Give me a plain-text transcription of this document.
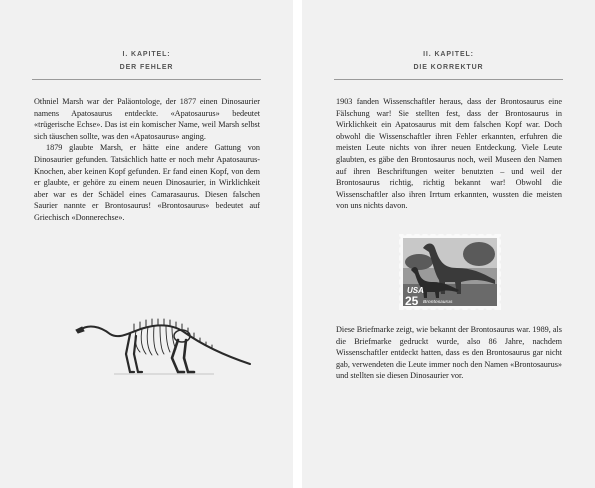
I. KAPITEL:
DER FEHLER

Othniel Marsh war der Paläontologe, der 1877 einen Dinosaurier namens Apatosaurus entdeckte. «Apatosaurus» bedeutet «trügerische Echse». Das ist ein komischer Name, weil Marsh selbst sich täuschen sollte, was den «Apatosaurus» anging.

1879 glaubte Marsh, er hätte eine andere Gattung von Dinosaurier gefunden. Tatsächlich hatte er noch mehr Apatosaurus-Knochen, aber keinen Kopf gefunden. Er fand einen Kopf, von dem er glaubte, er gehöre zu einem neuen Dinosaurier, in Wirklichkeit aber war es der Schädel eines Camarasaurus. Diesen falschen Saurier nannte er Brontosaurus! «Brontosaurus» bedeutet auf Griechisch «Donnerechse».

II. KAPITEL:
DIE KORREKTUR

1903 fanden Wissenschaftler heraus, dass der Brontosaurus eine Fälschung war! Sie stellten fest, dass der Brontosaurus in Wirklichkeit ein Apatosaurus mit dem falschen Kopf war. Doch obwohl die Wissenschaftler ihren Fehler erkannten, erfuhren die meisten Leute nichts von ihrer neuen Entdeckung. Viele Leute glaubten, es gäbe den Brontosaurus noch, weil Museen den Namen auf ihren Beschriftungen weiter benutzten – und weil der Brontosaurus richtig, richtig bekannt war! Obwohl die Wissenschaftler also ihren Irrtum erkannten, wussten die meisten von uns nichts davon.

USA
25 Brontosaurus

Diese Briefmarke zeigt, wie bekannt der Brontosaurus war. 1989, als die Briefmarke gedruckt wurde, also 86 Jahre, nachdem Wissenschaftler entdeckt hatten, dass es den Brontosaurus gar nicht gab, verwendeten die Leute immer noch den Namen «Brontosaurus» und stellten sie diesen Dinosaurier vor.
